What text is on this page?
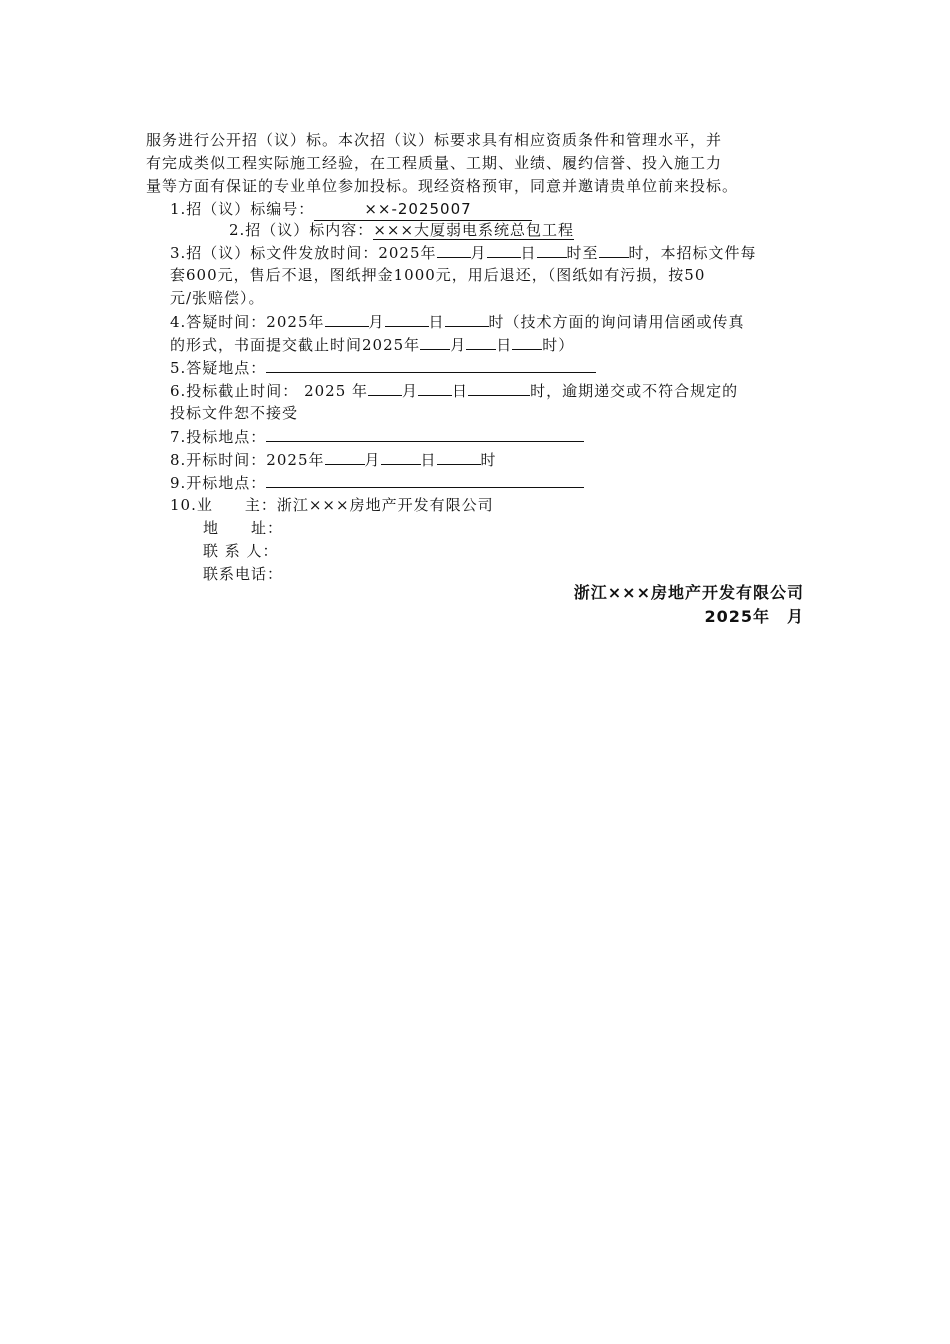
服务进行公开招（议）标。本次招（议）标要求具有相应资质条件和管理水平，并
有完成类似工程实际施工经验，在工程质量、工期、业绩、履约信誉、投入施工力
量等方面有保证的专业单位参加投标。现经资格预审，同意并邀请贵单位前来投标。
1.招（议）标编号：	××-2025007
2.招（议）标内容：×××大厦弱电系统总包工程
3.招（议）标文件发放时间：2025年 月 日 时至 时，本招标文件每
套600元，售后不退，图纸押金1000元，用后退还，（图纸如有污损，按50
元/张赔偿）。
4.答疑时间：2025年	月	日	时（技术方面的询问请用信函或传真
的形式，书面提交截止时间2025年 月 日 时）
5.答疑地点：
6.投标截止时间： 2025 年 月 日	时，逾期递交或不符合规定的
投标文件恕不接受
7.投标地点：
8.开标时间：2025年	月	日	时
9.开标地点：
10.业　　主：浙江×××房地产开发有限公司
地　　址：
联 系 人：
联系电话：
浙江×××房地产开发有限公司
2025年　月
